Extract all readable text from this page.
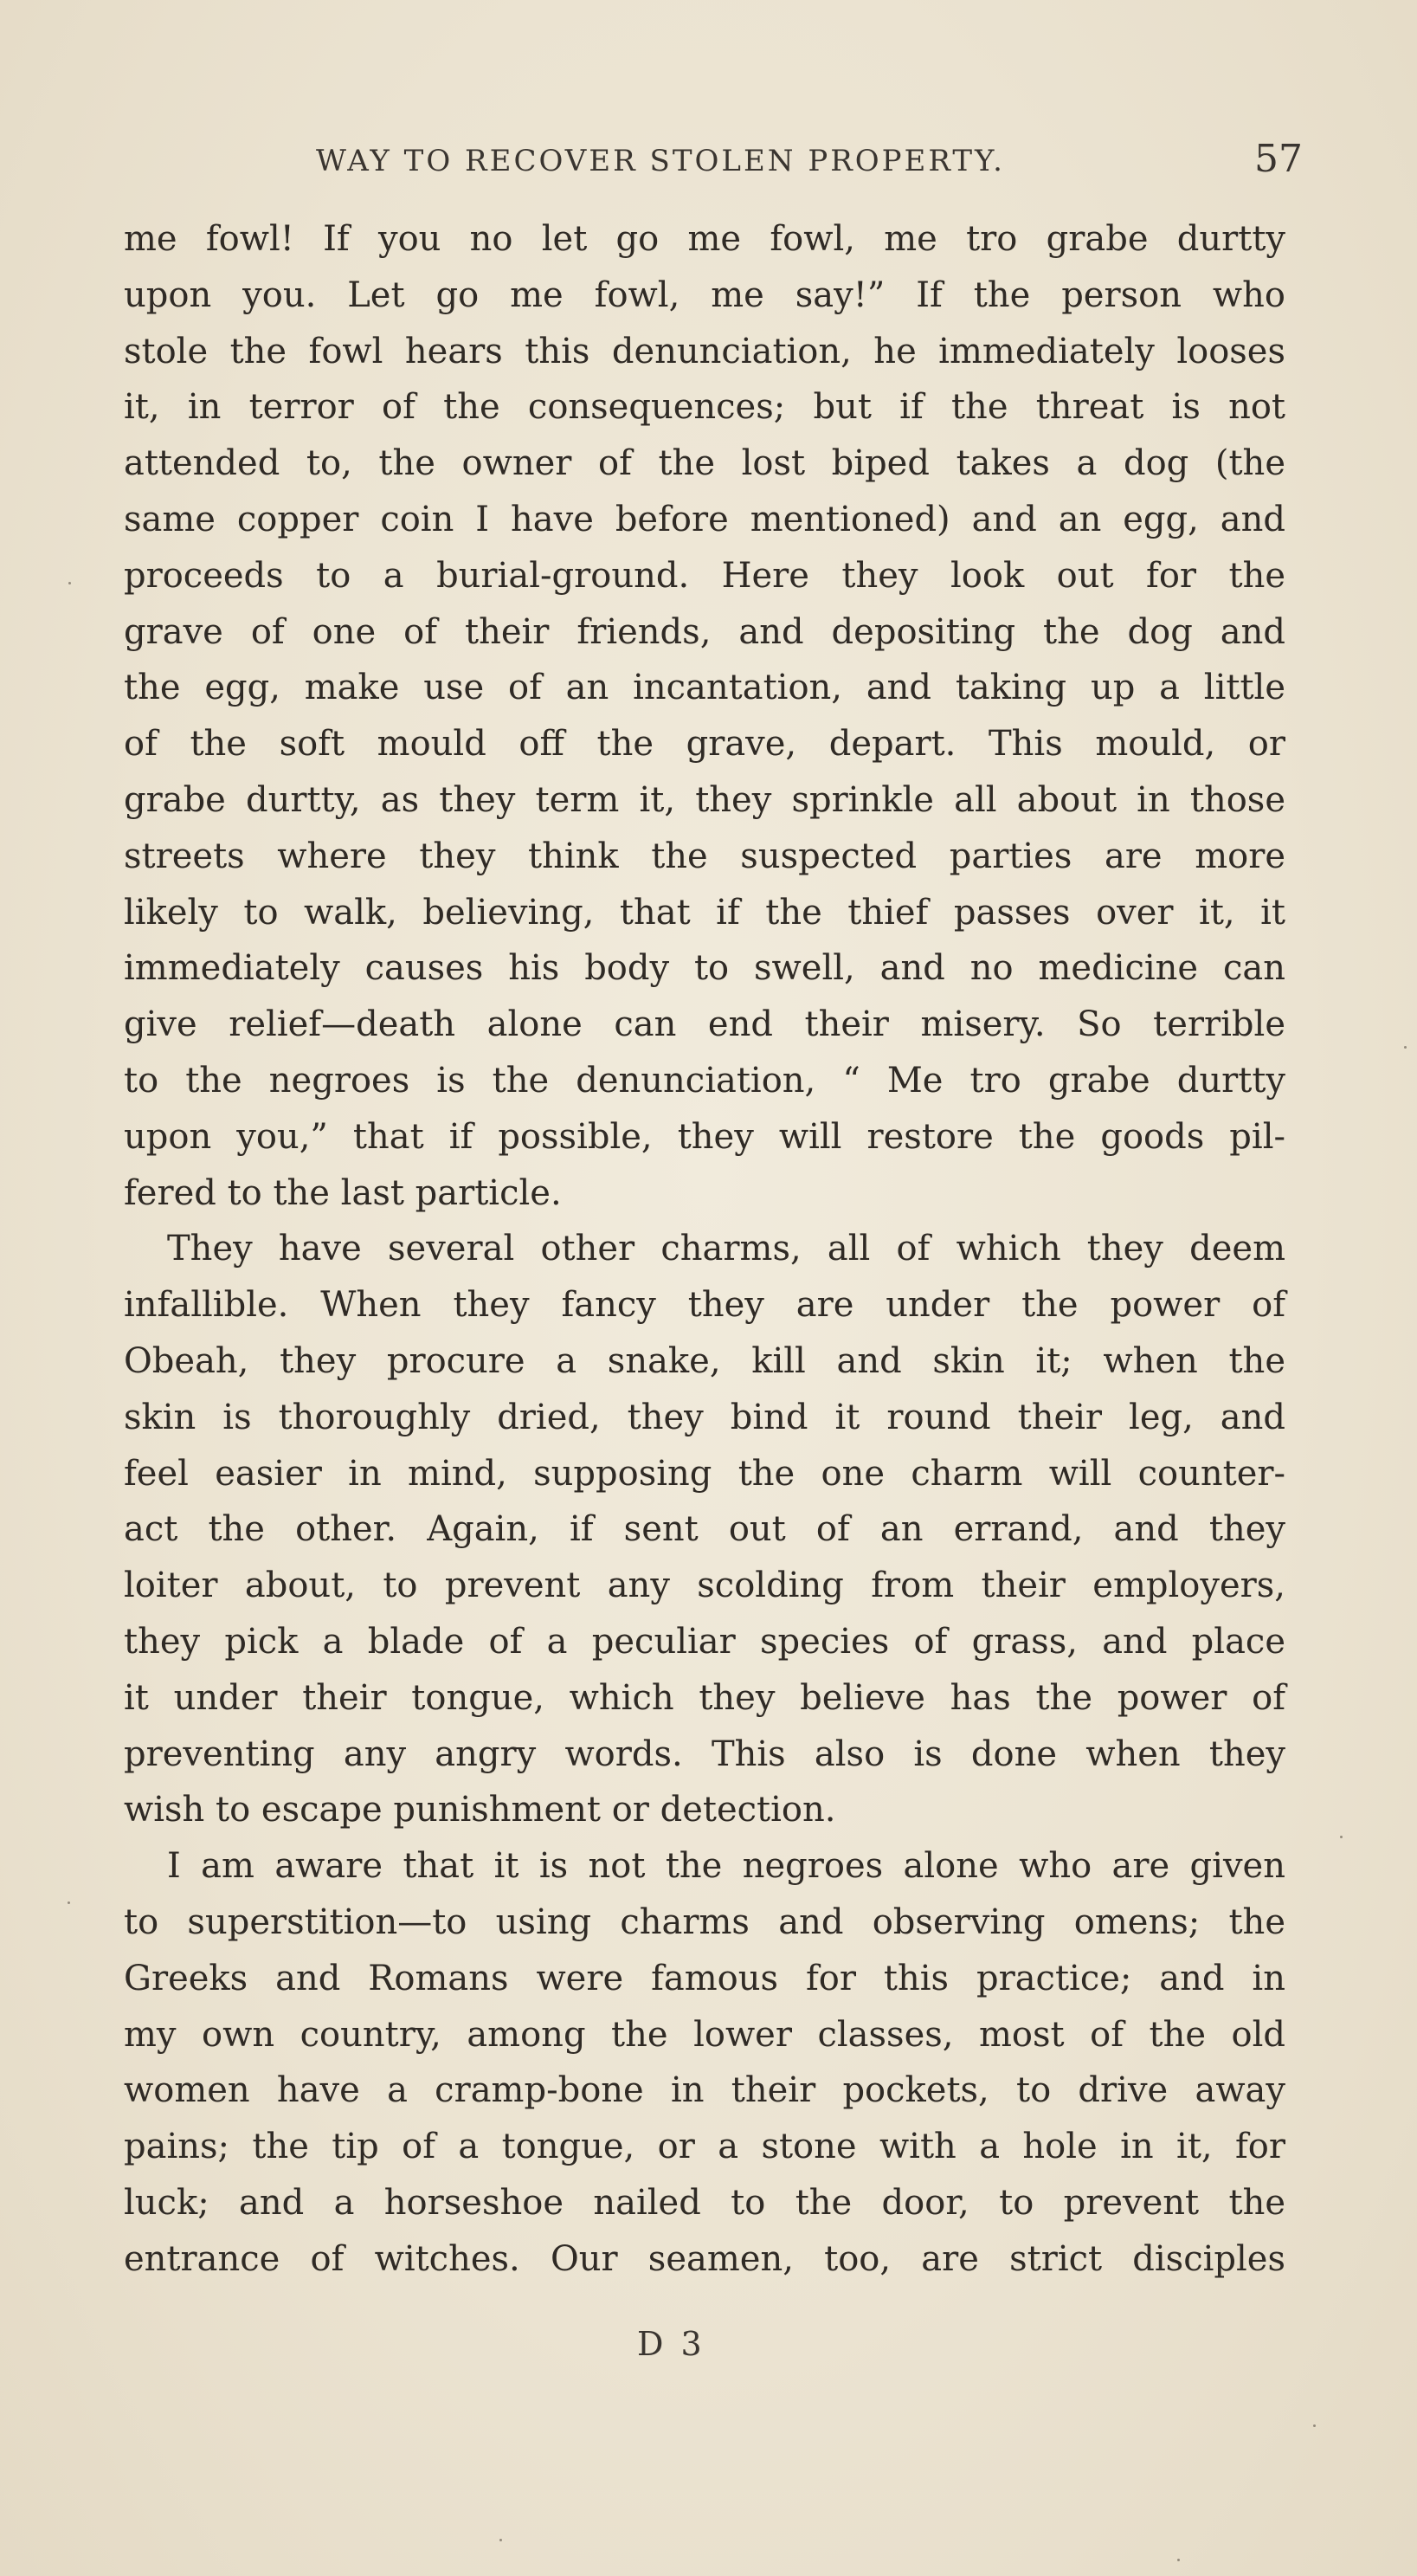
WAY TO RECOVER STOLEN PROPERTY.	57
me fowl! If you no let go me fowl, me tro grabe durtty
upon you. Let go me fowl, me say!” If the person who
stole the fowl hears this denunciation, he immediately looses
it, in terror of the consequences; but if the threat is not
attended to, the owner of the lost biped takes a dog (the
same copper coin I have before mentioned) and an egg, and
proceeds to a burial-ground. Here they look out for the
grave of one of their friends, and depositing the dog and
the egg, make use of an incantation, and taking up a little
of the soft mould off the grave, depart. This mould, or
grabe durtty, as they term it, they sprinkle all about in those
streets where they think the suspected parties are more
likely to walk, believing, that if the thief passes over it, it
immediately causes his body to swell, and no medicine can
give relief—death alone can end their misery. So terrible
to the negroes is the denunciation, “ Me tro grabe durtty
upon you,” that if possible, they will restore the goods pil-
fered to the last particle.
They have several other charms, all of which they deem
infallible. When they fancy they are under the power of
Obeah, they procure a snake, kill and skin it; when the
skin is thoroughly dried, they bind it round their leg, and
feel easier in mind, supposing the one charm will counter-
act the other. Again, if sent out of an errand, and they
loiter about, to prevent any scolding from their employers,
they pick a blade of a peculiar species of grass, and place
it under their tongue, which they believe has the power of
preventing any angry words. This also is done when they
wish to escape punishment or detection.
I am aware that it is not the negroes alone who are given
to superstition—to using charms and observing omens; the
Greeks and Romans were famous for this practice; and in
my own country, among the lower classes, most of the old
women have a cramp-bone in their pockets, to drive away
pains; the tip of a tongue, or a stone with a hole in it, for
luck; and a horseshoe nailed to the door, to prevent the
entrance of witches. Our seamen, too, are strict disciples
D 3
